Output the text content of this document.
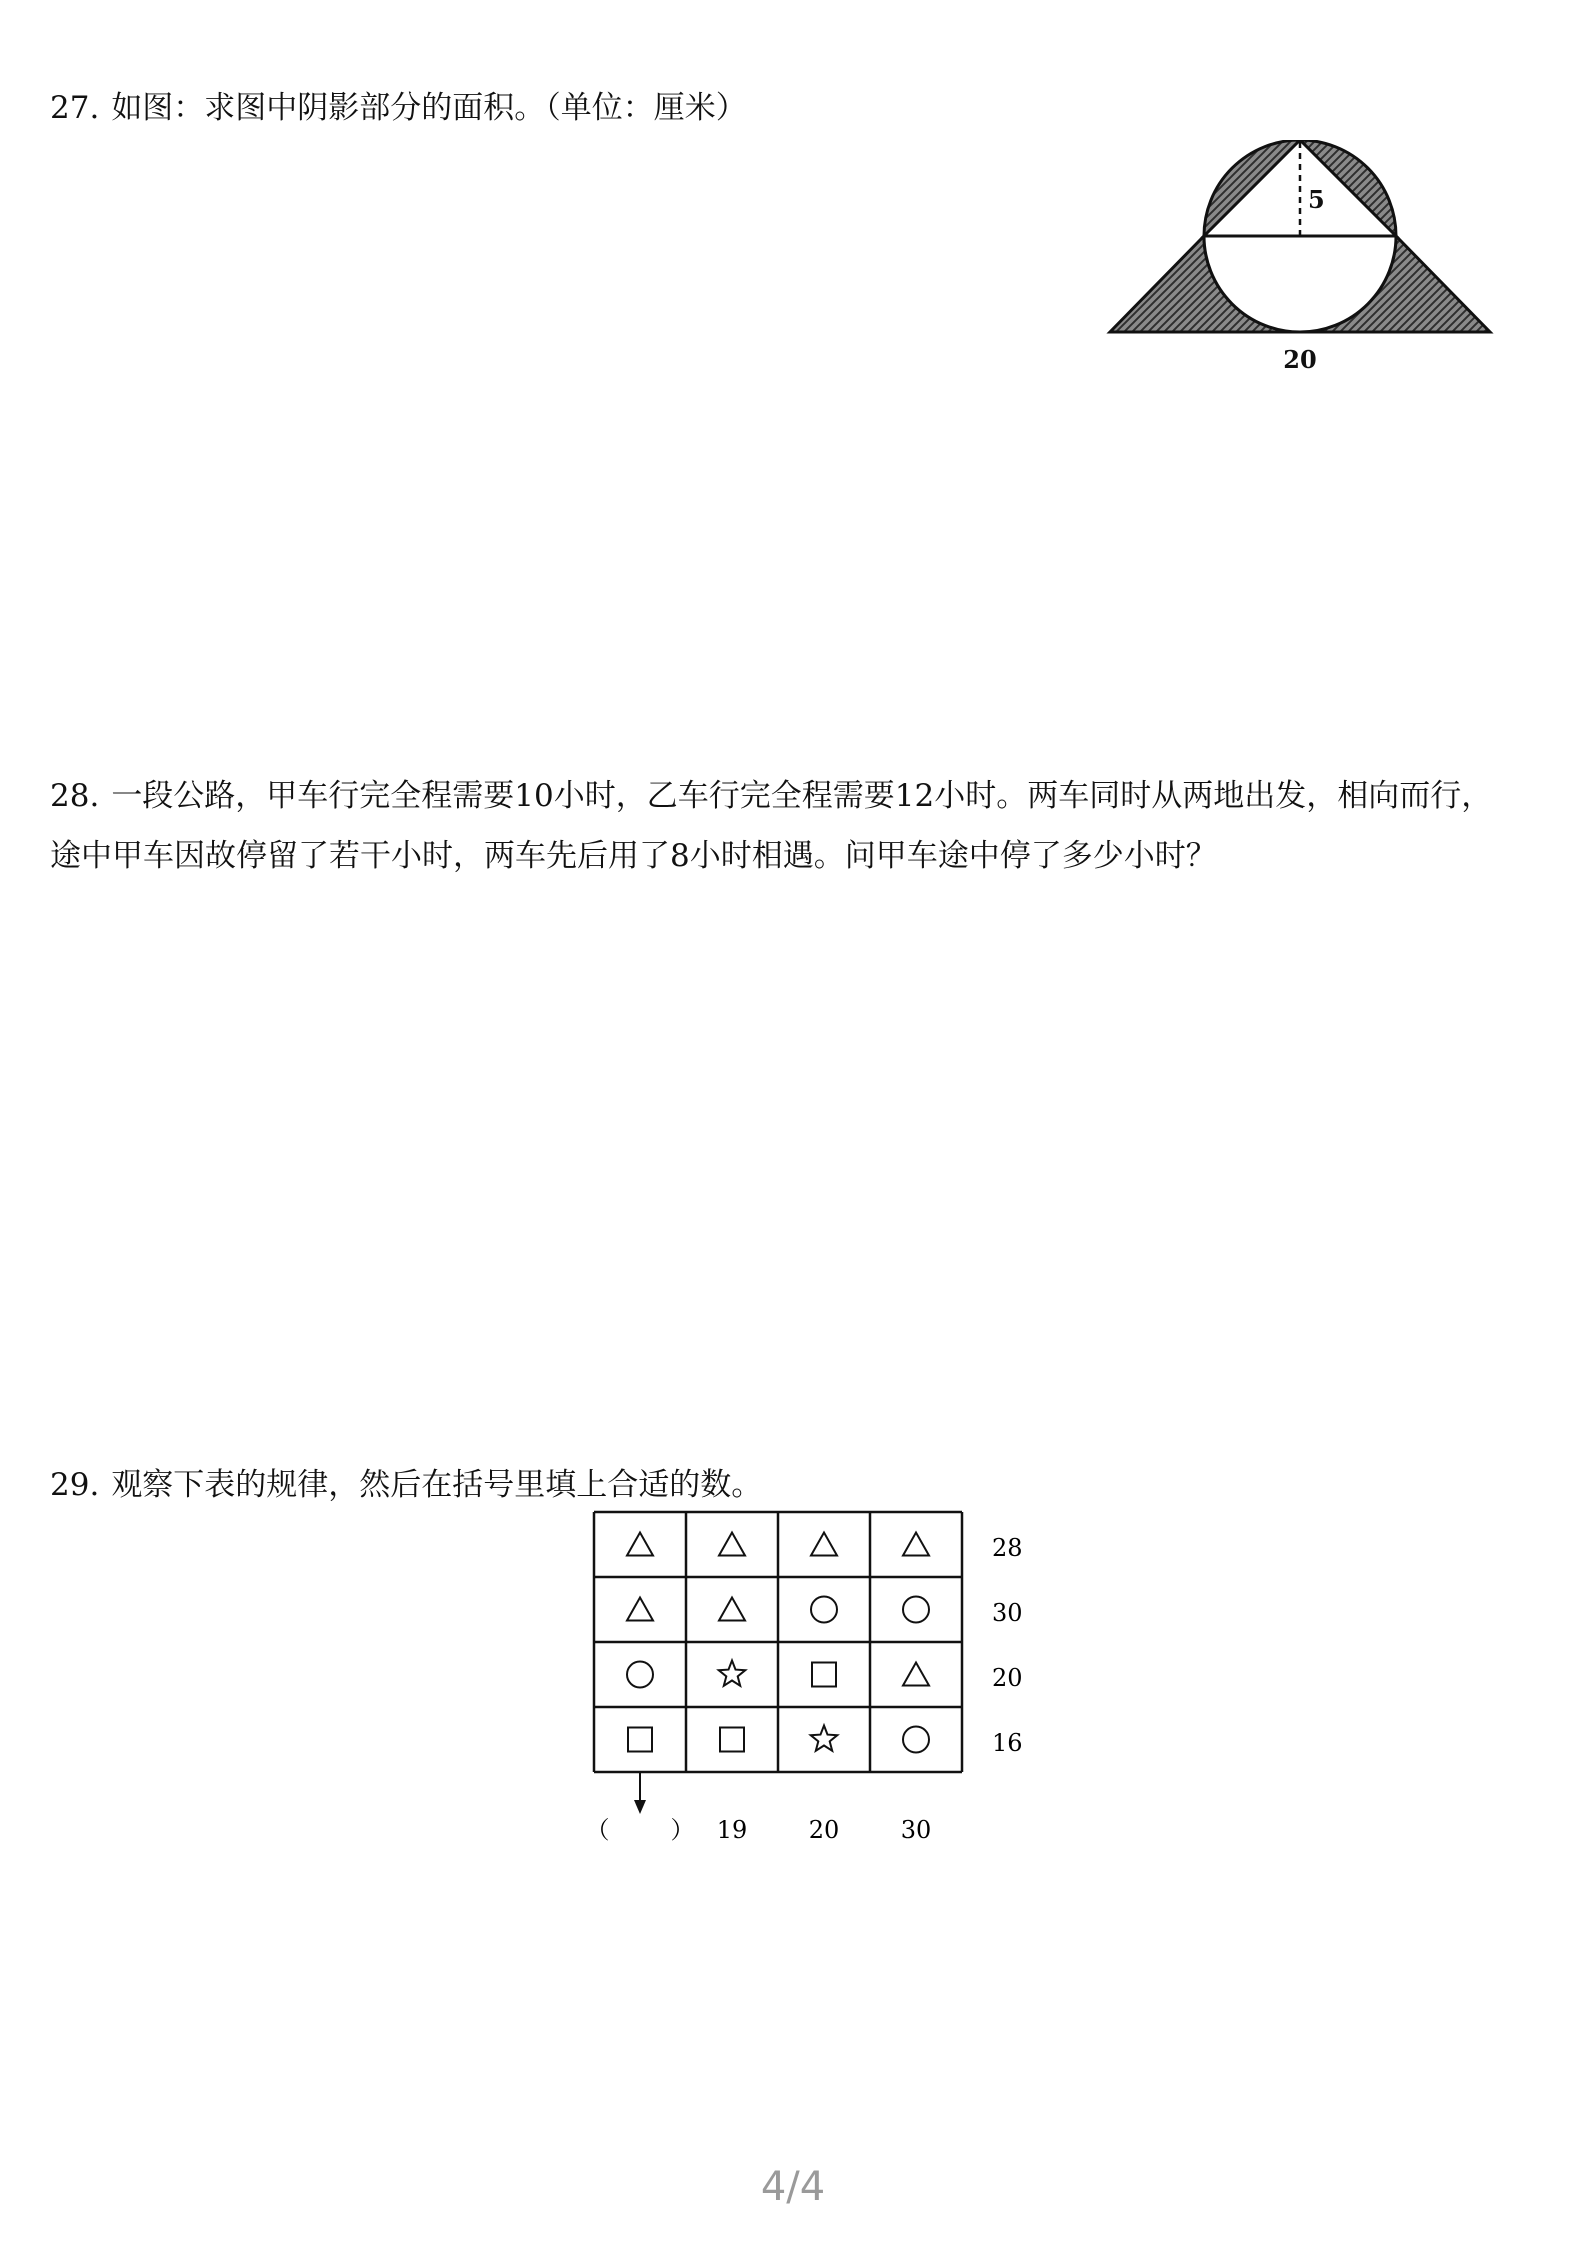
27. 如图：求图中阴影部分的面积。（单位：厘米）
5
20
28. 一段公路，甲车行完全程需要10小时，乙车行完全程需要12小时。两车同时从两地出发，相向而行，途中甲车因故停留了若干小时，两车先后用了8小时相遇。问甲车途中停了多少小时？
29. 观察下表的规律，然后在括号里填上合适的数。
28
30
20
16
（        ） 19	20	30
4/4
